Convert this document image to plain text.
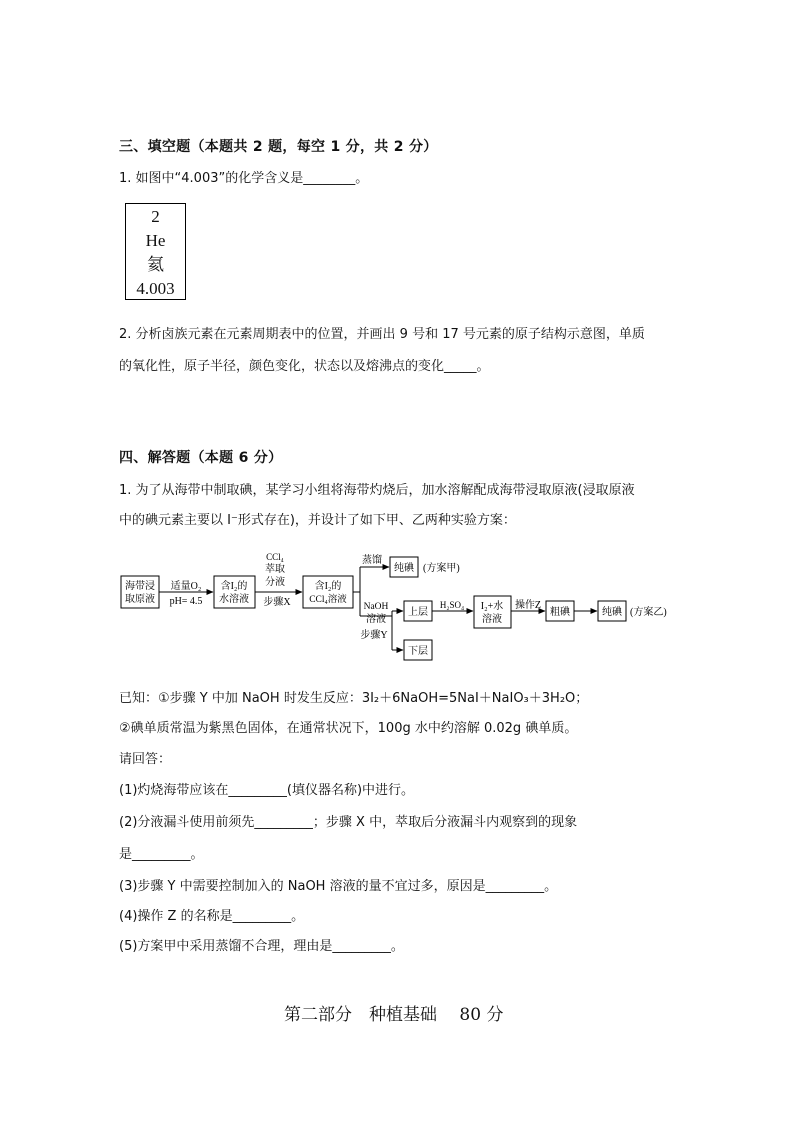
三、填空题（本题共 2 题，每空 1 分，共 2 分）
1. 如图中“4.003”的化学含义是________。
2
He
氦
4.003
2. 分析卤族元素在元素周期表中的位置，并画出 9 号和 17 号元素的原子结构示意图，单质
的氧化性，原子半径，颜色变化，状态以及熔沸点的变化_____。
四、解答题（本题 6 分）
1. 为了从海带中制取碘，某学习小组将海带灼烧后，加水溶解配成海带浸取原液(浸取原液
中的碘元素主要以 I⁻形式存在)，并设计了如下甲、乙两种实验方案：
海带浸
取原液
适量O₂
pH= 4.5
含I₂的
水溶液
CCl₄
萃取
分液
步骤X
含I₂的
CCl₄溶液
蒸馏
纯碘 (方案甲)
NaOH
溶液
步骤Y
上层
H₂SO₄ I₂+水
溶液
操作Z
粗碘	纯碘 (方案乙)
下层
已知：①步骤 Y 中加 NaOH 时发生反应：3I₂＋6NaOH=5NaI＋NaIO₃＋3H₂O；
②碘单质常温为紫黑色固体，在通常状况下，100g 水中约溶解 0.02g 碘单质。
请回答：
(1)灼烧海带应该在_________(填仪器名称)中进行。
(2)分液漏斗使用前须先_________；步骤 X 中，萃取后分液漏斗内观察到的现象
是_________。
(3)步骤 Y 中需要控制加入的 NaOH 溶液的量不宜过多，原因是_________。
(4)操作 Z 的名称是_________。
(5)方案甲中采用蒸馏不合理，理由是_________。
第二部分　种植基础　 80 分
